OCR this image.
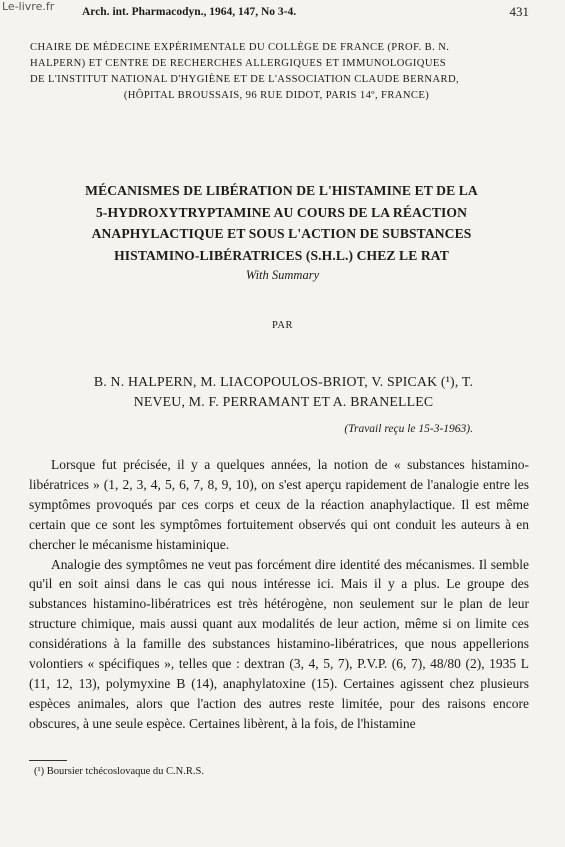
Le-livre.fr Arch. int. Pharmacodyn., 1964, 147, No 3-4.	431
CHAIRE DE MÉDECINE EXPÉRIMENTALE DU COLLÈGE DE FRANCE (PROF. B. N.
HALPERN) ET CENTRE DE RECHERCHES ALLERGIQUES ET IMMUNOLOGIQUES
DE L'INSTITUT NATIONAL D'HYGIÈNE ET DE L'ASSOCIATION CLAUDE BERNARD,
(HÔPITAL BROUSSAIS, 96 RUE DIDOT, PARIS 14º, FRANCE)
MÉCANISMES DE LIBÉRATION DE L'HISTAMINE ET DE LA
5-HYDROXYTRYPTAMINE AU COURS DE LA RÉACTION
ANAPHYLACTIQUE ET SOUS L'ACTION DE SUBSTANCES
HISTAMINO-LIBÉRATRICES (S.H.L.) CHEZ LE RAT
With Summary
PAR
B. N. HALPERN, M. LIACOPOULOS-BRIOT, V. SPICAK (¹), T.
NEVEU, M. F. PERRAMANT ET A. BRANELLEC
(Travail reçu le 15-3-1963).

Lorsque fut précisée, il y a quelques années, la notion de « substances histamino-libératrices » (1, 2, 3, 4, 5, 6, 7, 8, 9, 10), on s'est aperçu rapidement de l'analogie entre les symptômes provoqués par ces corps et ceux de la réaction anaphylactique. Il est même certain que ce sont les symptômes fortuitement observés qui ont conduit les auteurs à en chercher le mécanisme histaminique.

Analogie des symptômes ne veut pas forcément dire identité des mécanismes. Il semble qu'il en soit ainsi dans le cas qui nous intéresse ici. Mais il y a plus. Le groupe des substances histamino-libératrices est très hétérogène, non seulement sur le plan de leur structure chimique, mais aussi quant aux modalités de leur action, même si on limite ces considérations à la famille des substances histamino-libératrices, que nous appellerions volontiers « spécifiques », telles que : dextran (3, 4, 5, 7), P.V.P. (6, 7), 48/80 (2), 1935 L (11, 12, 13), polymyxine B (14), anaphylatoxine (15). Certaines agissent chez plusieurs espèces animales, alors que l'action des autres reste limitée, pour des raisons encore obscures, à une seule espèce. Certaines libèrent, à la fois, de l'histamine

(¹) Boursier tchécoslovaque du C.N.R.S.
